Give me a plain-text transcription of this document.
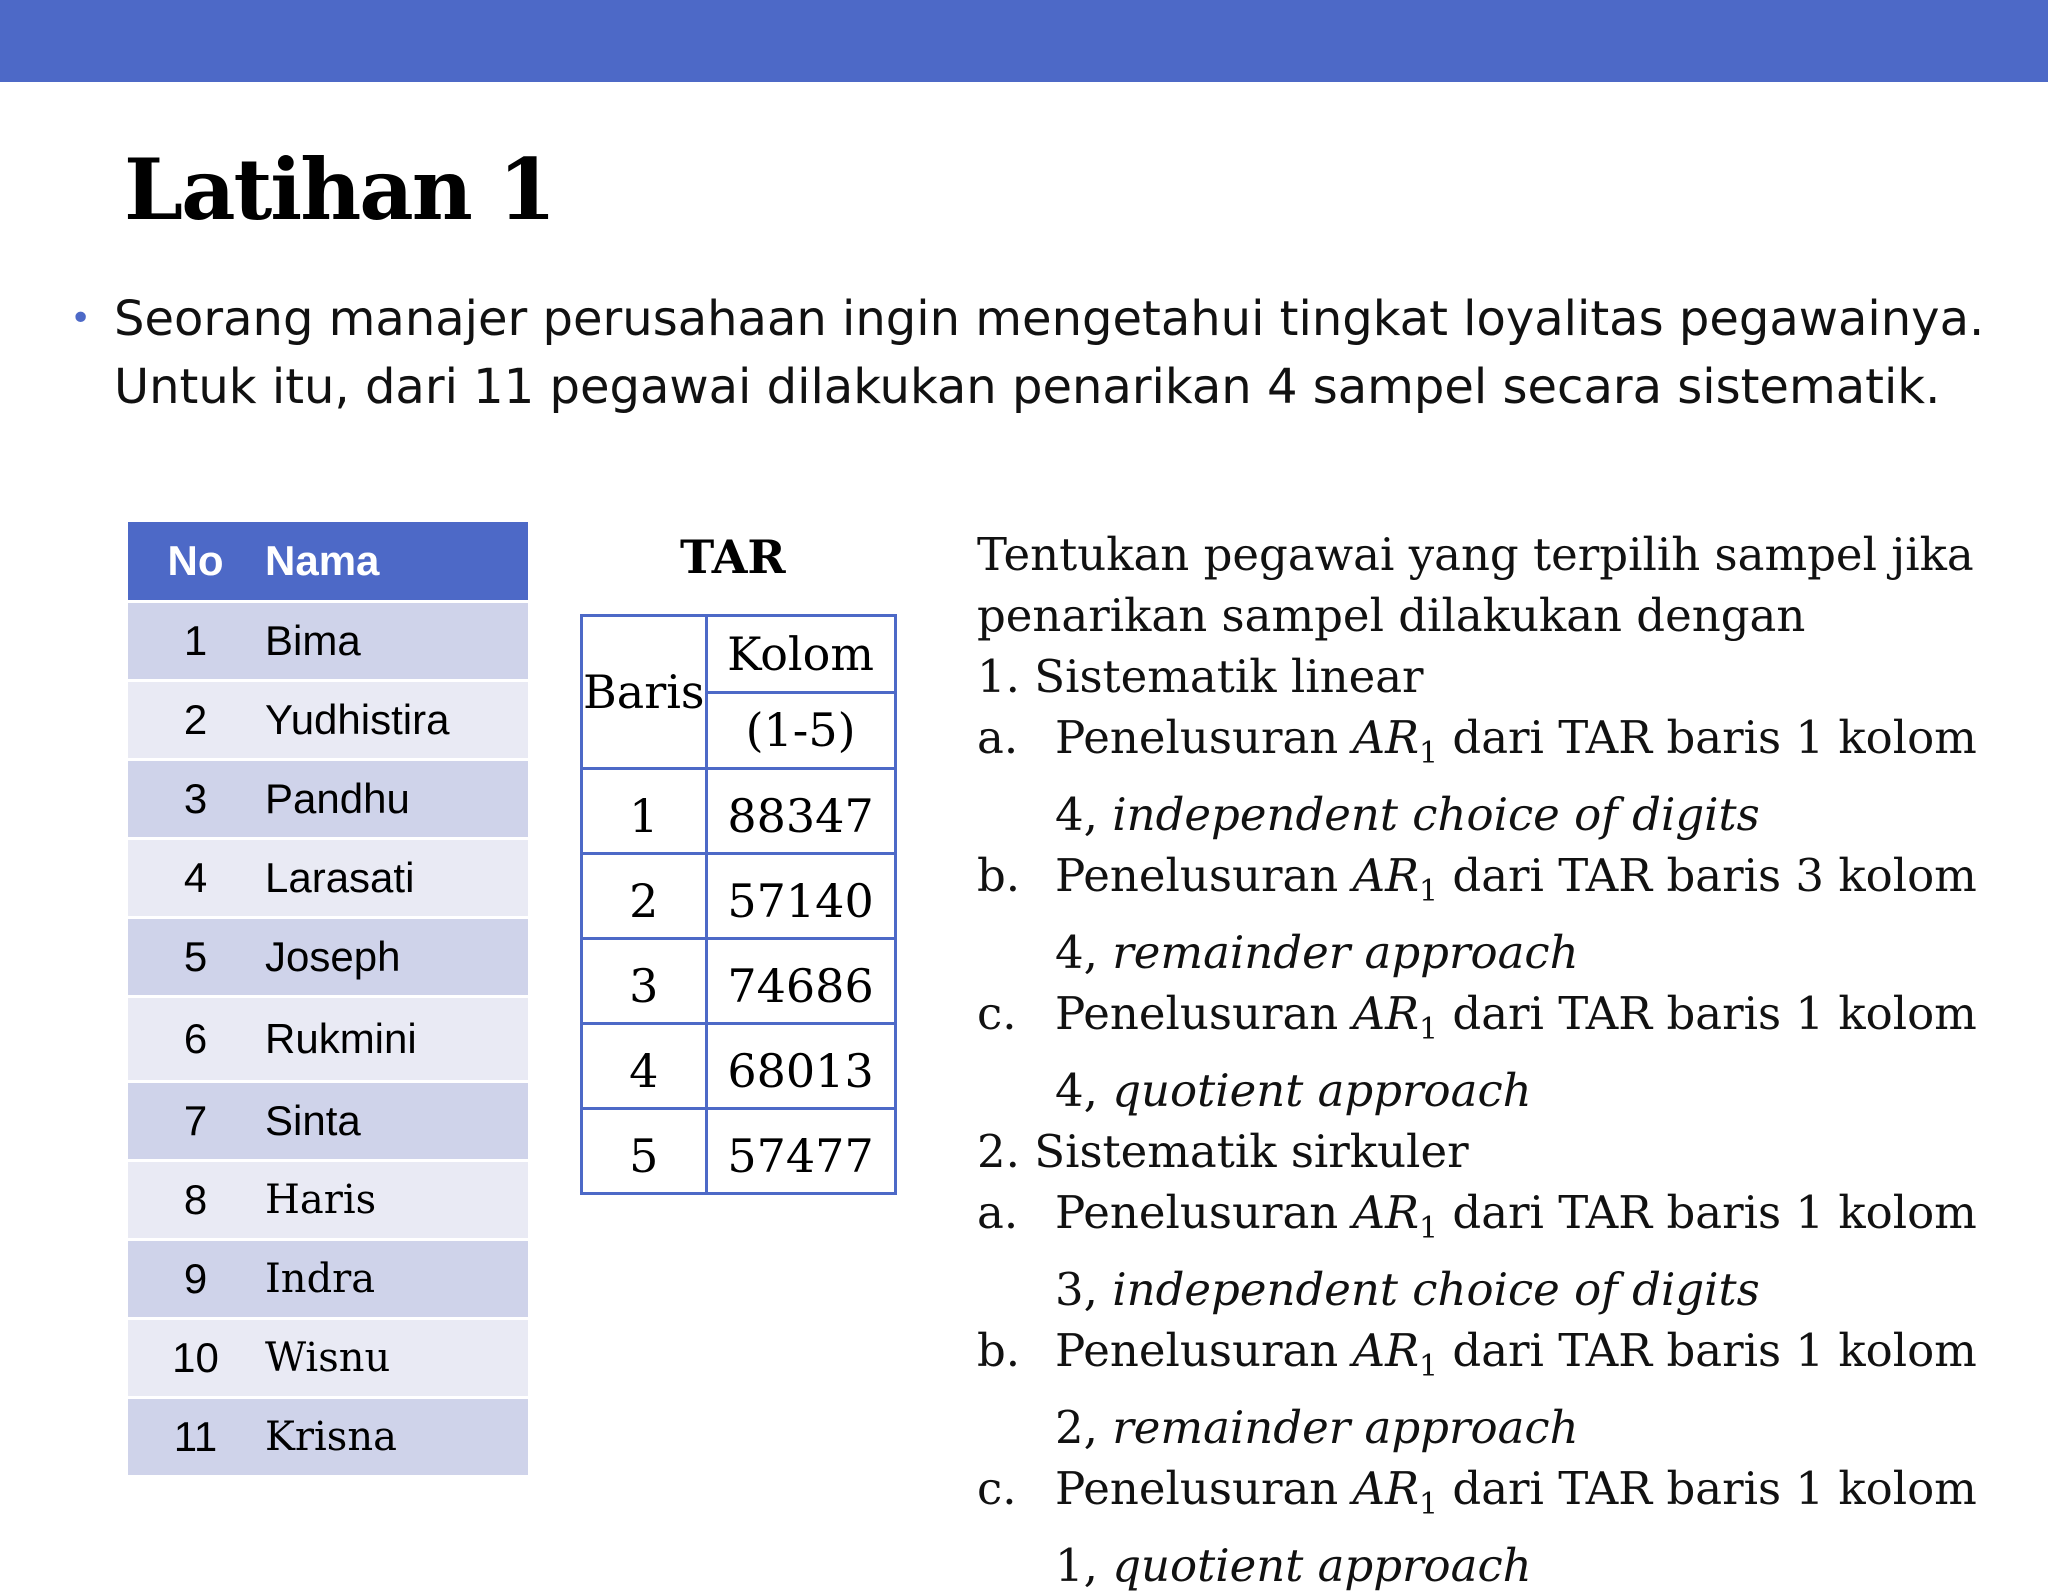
Latihan 1
• Seorang manajer perusahaan ingin mengetahui tingkat loyalitas pegawainya.
Untuk itu, dari 11 pegawai dilakukan penarikan 4 sampel secara sistematik.
No	Nama
1	Bima
2	Yudhistira
3	Pandhu
4	Larasati
5	Joseph
6	Rukmini
7	Sinta
8	Haris
9	Indra
10	Wisnu
11	Krisna
TAR
Baris	Kolom
	(1-5)
1	88347
2	57140
3	74686
4	68013
5	57477

Tentukan pegawai yang terpilih sampel jika penarikan sampel dilakukan dengan

1. Sistematik linear

a. Penelusuran $AR_1$ dari TAR baris 1 kolom
4, independent choice of digits
b. Penelusuran $AR_1$ dari TAR baris 3 kolom
4, remainder approach
c. Penelusuran $AR_1$ dari TAR baris 1 kolom
4, quotient approach

2. Sistematik sirkuler

a. Penelusuran $AR_1$ dari TAR baris 1 kolom
3, independent choice of digits
b. Penelusuran $AR_1$ dari TAR baris 1 kolom
2, remainder approach
c. Penelusuran $AR_1$ dari TAR baris 1 kolom
1, quotient approach
